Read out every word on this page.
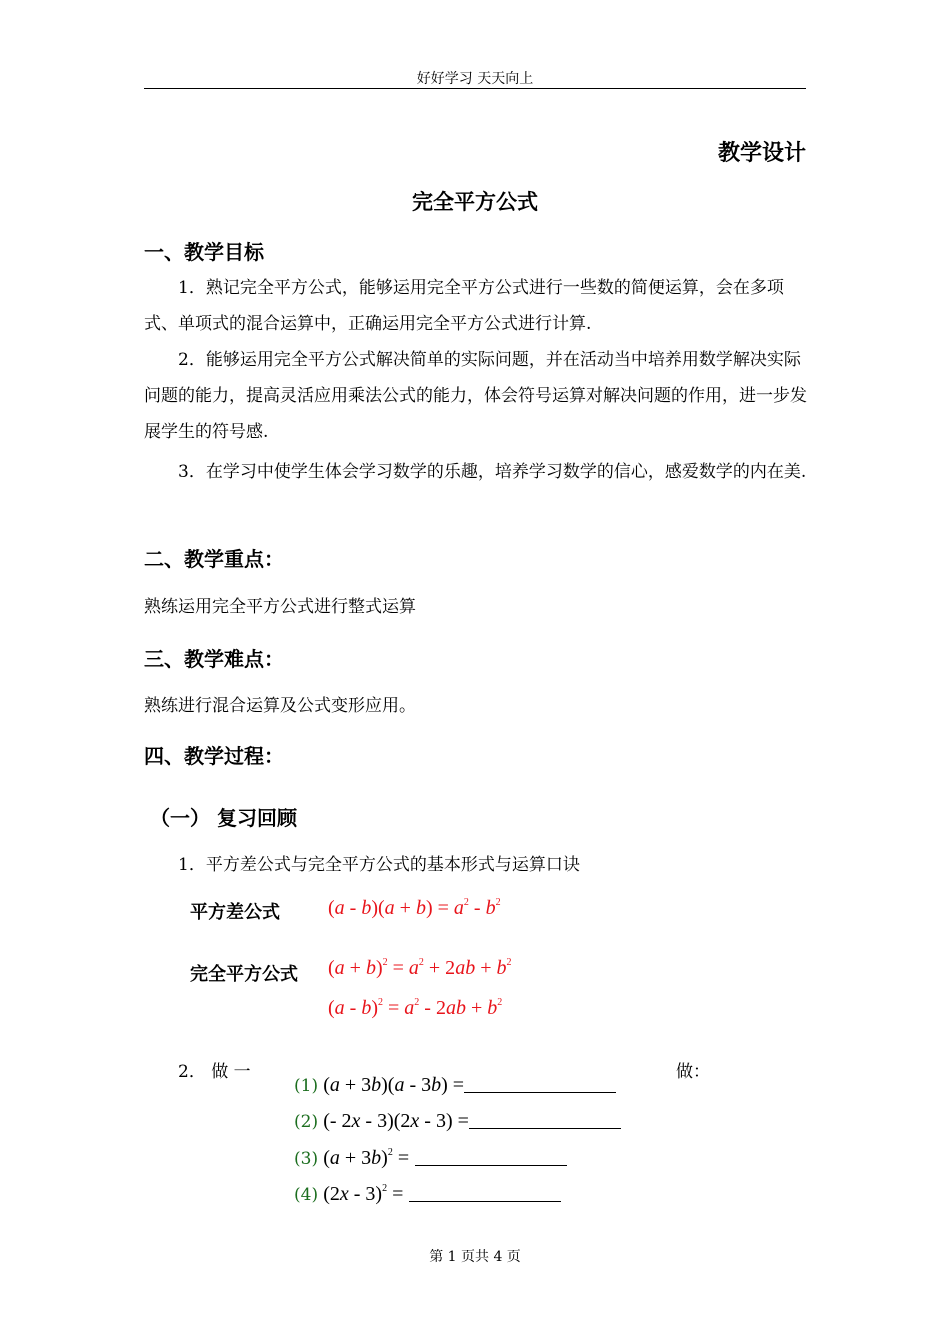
好好学习 天天向上
教学设计
完全平方公式
一、教学目标
1．熟记完全平方公式，能够运用完全平方公式进行一些数的简便运算，会在多项式、单项式的混合运算中，正确运用完全平方公式进行计算.
2．能够运用完全平方公式解决简单的实际问题，并在活动当中培养用数学解决实际问题的能力，提高灵活应用乘法公式的能力，体会符号运算对解决问题的作用，进一步发展学生的符号感.
3．在学习中使学生体会学习数学的乐趣，培养学习数学的信心，感爱数学的内在美.
二、教学重点：
熟练运用完全平方公式进行整式运算
三、教学难点：
熟练进行混合运算及公式变形应用。
四、教学过程：
（一） 复习回顾
1．平方差公式与完全平方公式的基本形式与运算口诀
平方差公式 $(a - b)(a + b) = a^2 - b^2$
完全平方公式 $(a + b)^2 = a^2 + 2ab + b^2$
$(a - b)^2 = a^2 - 2ab + b^2$
2． 做 一	做：
(1) (a + 3b)(a - 3b) =
(2) (- 2x - 3)(2x - 3) =
(3) $(a + 3b)^2$ =
(4) (2x - 3)$^2$ =
第 1 页共 4 页
